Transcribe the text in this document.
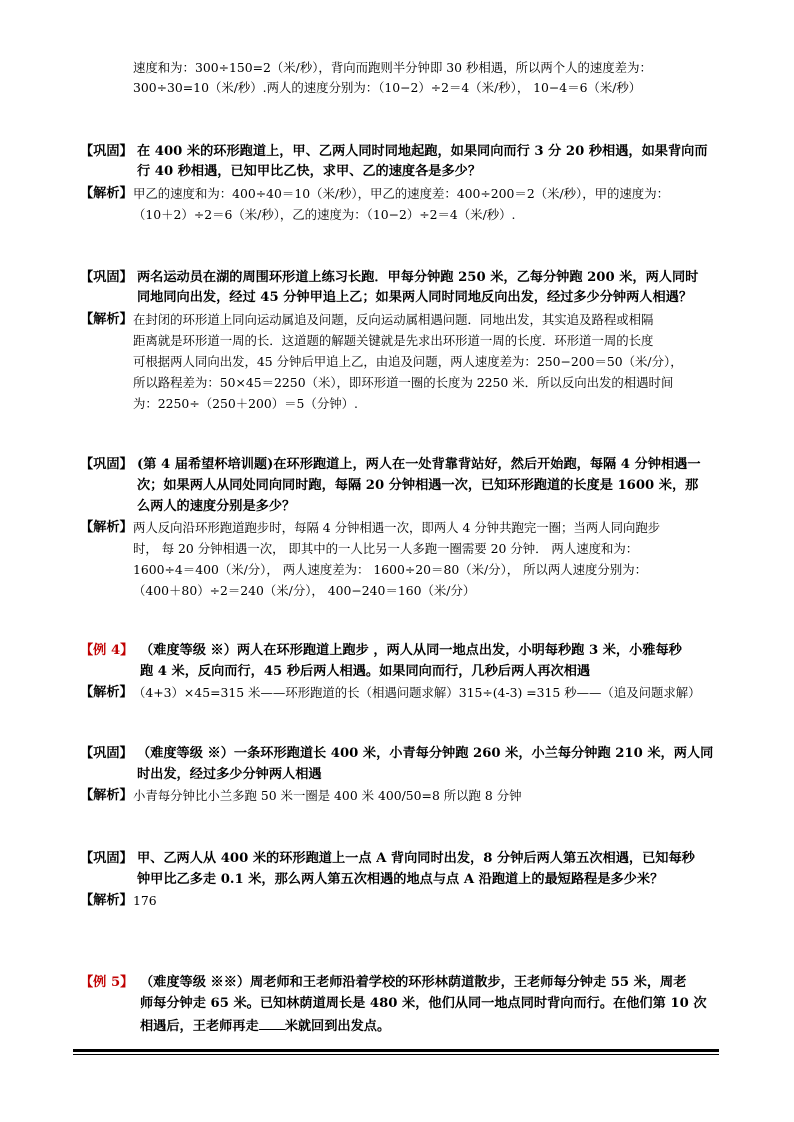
速度和为：300÷150=2（米/秒），背向而跑则半分钟即 30 秒相遇，所以两个人的速度差为：
300÷30=10（米/秒）.两人的速度分别为：（10−2）÷2＝4（米/秒）， 10−4＝6（米/秒）
【巩固】 在 400 米的环形跑道上，甲、乙两人同时同地起跑，如果同向而行 3 分 20 秒相遇，如果背向而
行 40 秒相遇，已知甲比乙快，求甲、乙的速度各是多少？
【解析】 甲乙的速度和为：400÷40＝10（米/秒），甲乙的速度差：400÷200＝2（米/秒），甲的速度为：
（10＋2）÷2＝6（米/秒），乙的速度为：（10−2）÷2＝4（米/秒）.
【巩固】 两名运动员在湖的周围环形道上练习长跑．甲每分钟跑 250 米，乙每分钟跑 200 米，两人同时
同地同向出发，经过 45 分钟甲追上乙；如果两人同时同地反向出发，经过多少分钟两人相遇？
【解析】 在封闭的环形道上同向运动属追及问题，反向运动属相遇问题．同地出发，其实追及路程或相隔
距离就是环形道一周的长．这道题的解题关键就是先求出环形道一周的长度．环形道一周的长度
可根据两人同向出发，45 分钟后甲追上乙，由追及问题，两人速度差为：250−200＝50（米/分），
所以路程差为：50×45＝2250（米），即环形道一圈的长度为 2250 米．所以反向出发的相遇时间
为：2250÷（250＋200）＝5（分钟）.
【巩固】 (第 4 届希望杯培训题)在环形跑道上，两人在一处背靠背站好，然后开始跑，每隔 4 分钟相遇一
次；如果两人从同处同向同时跑，每隔 20 分钟相遇一次，已知环形跑道的长度是 1600 米，那
么两人的速度分别是多少？
【解析】 两人反向沿环形跑道跑步时，每隔 4 分钟相遇一次，即两人 4 分钟共跑完一圈；当两人同向跑步
时， 每 20 分钟相遇一次， 即其中的一人比另一人多跑一圈需要 20 分钟． 两人速度和为：
1600÷4＝400（米/分）， 两人速度差为： 1600÷20＝80（米/分）， 所以两人速度分别为：
（400＋80）÷2＝240（米/分）， 400−240＝160（米/分）
【例 4】 （难度等级 ※）两人在环形跑道上跑步 ，两人从同一地点出发，小明每秒跑 3 米，小雅每秒
跑 4 米，反向而行，45 秒后两人相遇。如果同向而行，几秒后两人再次相遇
【解析】 （4+3）×45=315 米——环形跑道的长（相遇问题求解）315÷(4-3) =315 秒——（追及问题求解）
【巩固】 （难度等级 ※）一条环形跑道长 400 米，小青每分钟跑 260 米，小兰每分钟跑 210 米，两人同
时出发，经过多少分钟两人相遇
【解析】 小青每分钟比小兰多跑 50 米一圈是 400 米 400/50=8 所以跑 8 分钟
【巩固】 甲、乙两人从 400 米的环形跑道上一点 A 背向同时出发，8 分钟后两人第五次相遇，已知每秒
钟甲比乙多走 0.1 米，那么两人第五次相遇的地点与点 A 沿跑道上的最短路程是多少米？
【解析】 176
【例 5】 （难度等级 ※※）周老师和王老师沿着学校的环形林荫道散步，王老师每分钟走 55 米，周老
师每分钟走 65 米。已知林荫道周长是 480 米，他们从同一地点同时背向而行。在他们第 10 次
相遇后，王老师再走 米就回到出发点。
